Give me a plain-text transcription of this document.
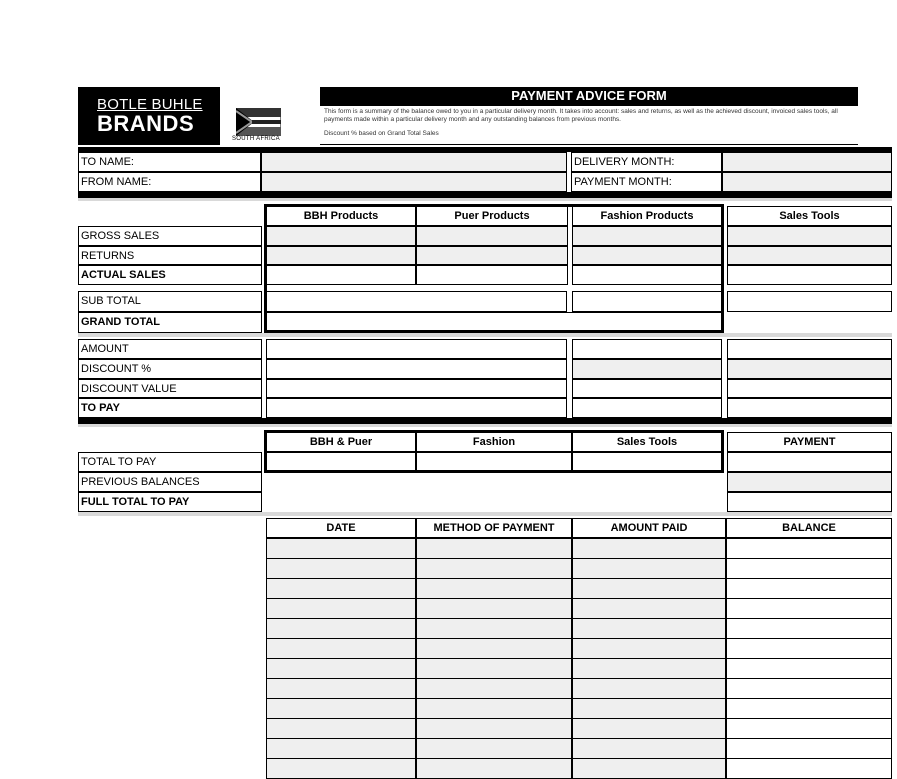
BOTLE BUHLE
BRANDS
SOUTH AFRICA
PAYMENT ADVICE FORM
This form is a summary of the balance owed to you in a particular delivery month. It takes into account: sales and returns, as well as the achieved discount, invoiced sales tools, all payments made within a particular delivery month and any outstanding balances from previous months.
Discount % based on Grand Total Sales
TO NAME:	DELIVERY MONTH:
FROM NAME:	PAYMENT MONTH:
BBH Products	Puer Products	Fashion Products	Sales Tools
GROSS SALES
RETURNS
ACTUAL SALES
SUB TOTAL
GRAND TOTAL
AMOUNT
DISCOUNT %
DISCOUNT VALUE
TO PAY
BBH & Puer	Fashion	Sales Tools	PAYMENT
TOTAL TO PAY
PREVIOUS BALANCES
FULL TOTAL TO PAY
DATE	METHOD OF PAYMENT	AMOUNT PAID	BALANCE
